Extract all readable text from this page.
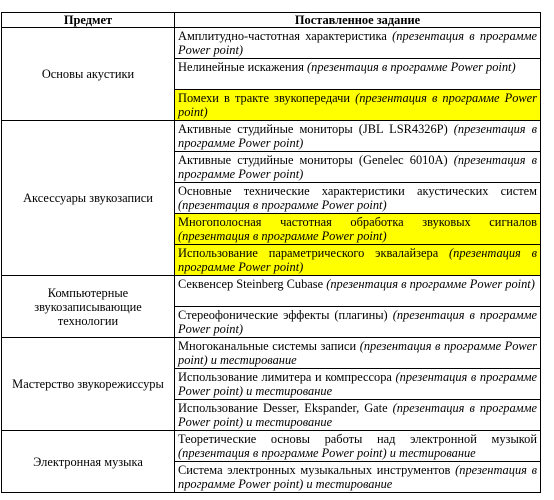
Предмет	Поставленное задание
Основы акустики	Амплитудно-частотная характеристика (презентация в программе Power point)
	Нелинейные искажения (презентация в программе Power point)
	Помехи в тракте звукопередачи (презентация в программе Power point)
Аксессуары звукозаписи	Активные студийные мониторы (JBL LSR4326P) (презентация в программе Power point)
	Активные студийные мониторы (Genelec 6010A) (презентация в программе Power point)
	Основные технические характеристики акустических систем (презентация в программе Power point)
	Многополосная частотная обработка звуковых сигналов (презентация в программе Power point)
	Использование параметрического эквалайзера (презентация в программе Power point)
Компьютерные звукозаписывающие технологии	Секвенсер Steinberg Cubase (презентация в программе Power point)
	Стереофонические эффекты (плагины) (презентация в программе Power point)
Мастерство звукорежиссуры	Многоканальные системы записи (презентация в программе Power point) и тестирование
	Использование лимитера и компрессора (презентация в программе Power point) и тестирование
	Использование Desser, Ekspander, Gate (презентация в программе Power point) и тестирование
Электронная музыка	Теоретические основы работы над электронной музыкой (презентация в программе Power point) и тестирование
	Система электронных музыкальных инструментов (презентация в программе Power point) и тестирование
